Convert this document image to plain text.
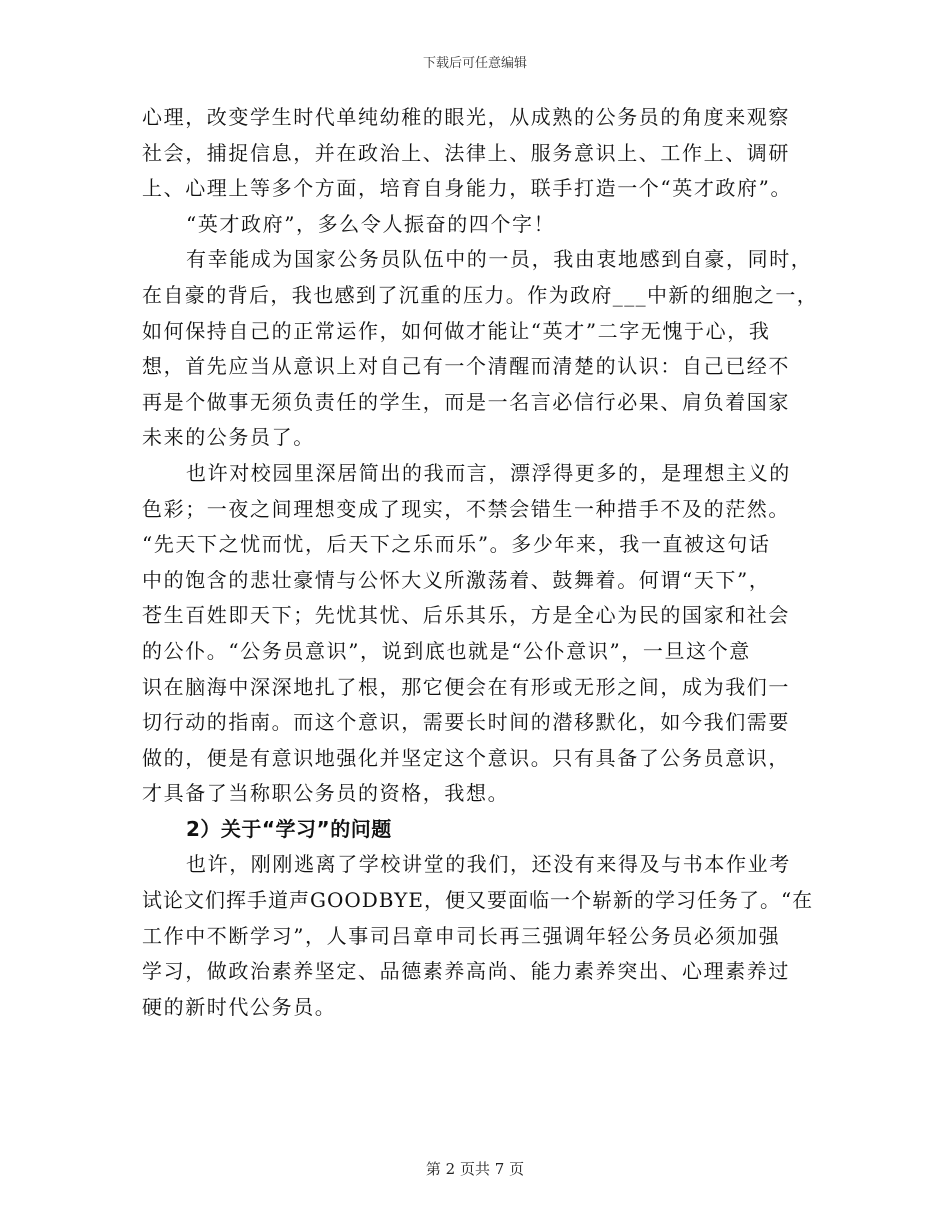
下载后可任意编辑
心理，改变学生时代单纯幼稚的眼光，从成熟的公务员的角度来观察
社会，捕捉信息，并在政治上、法律上、服务意识上、工作上、调研
上、心理上等多个方面，培育自身能力，联手打造一个“英才政府”。
“英才政府”，多么令人振奋的四个字！
有幸能成为国家公务员队伍中的一员，我由衷地感到自豪，同时，
在自豪的背后，我也感到了沉重的压力。作为政府___中新的细胞之一，
如何保持自己的正常运作，如何做才能让“英才”二字无愧于心，我
想，首先应当从意识上对自己有一个清醒而清楚的认识：自己已经不
再是个做事无须负责任的学生，而是一名言必信行必果、肩负着国家
未来的公务员了。
也许对校园里深居简出的我而言，漂浮得更多的，是理想主义的
色彩；一夜之间理想变成了现实，不禁会错生一种措手不及的茫然。
“先天下之忧而忧，后天下之乐而乐”。多少年来，我一直被这句话
中的饱含的悲壮豪情与公怀大义所激荡着、鼓舞着。何谓“天下”，
苍生百姓即天下；先忧其忧、后乐其乐，方是全心为民的国家和社会
的公仆。“公务员意识”，说到底也就是“公仆意识”，一旦这个意
识在脑海中深深地扎了根，那它便会在有形或无形之间，成为我们一
切行动的指南。而这个意识，需要长时间的潜移默化，如今我们需要
做的，便是有意识地强化并坚定这个意识。只有具备了公务员意识，
才具备了当称职公务员的资格，我想。
2）关于“学习”的问题
也许，刚刚逃离了学校讲堂的我们，还没有来得及与书本作业考
试论文们挥手道声GOODBYE，便又要面临一个崭新的学习任务了。“在
工作中不断学习”，人事司吕章申司长再三强调年轻公务员必须加强
学习，做政治素养坚定、品德素养高尚、能力素养突出、心理素养过
硬的新时代公务员。
第 2 页共 7 页
